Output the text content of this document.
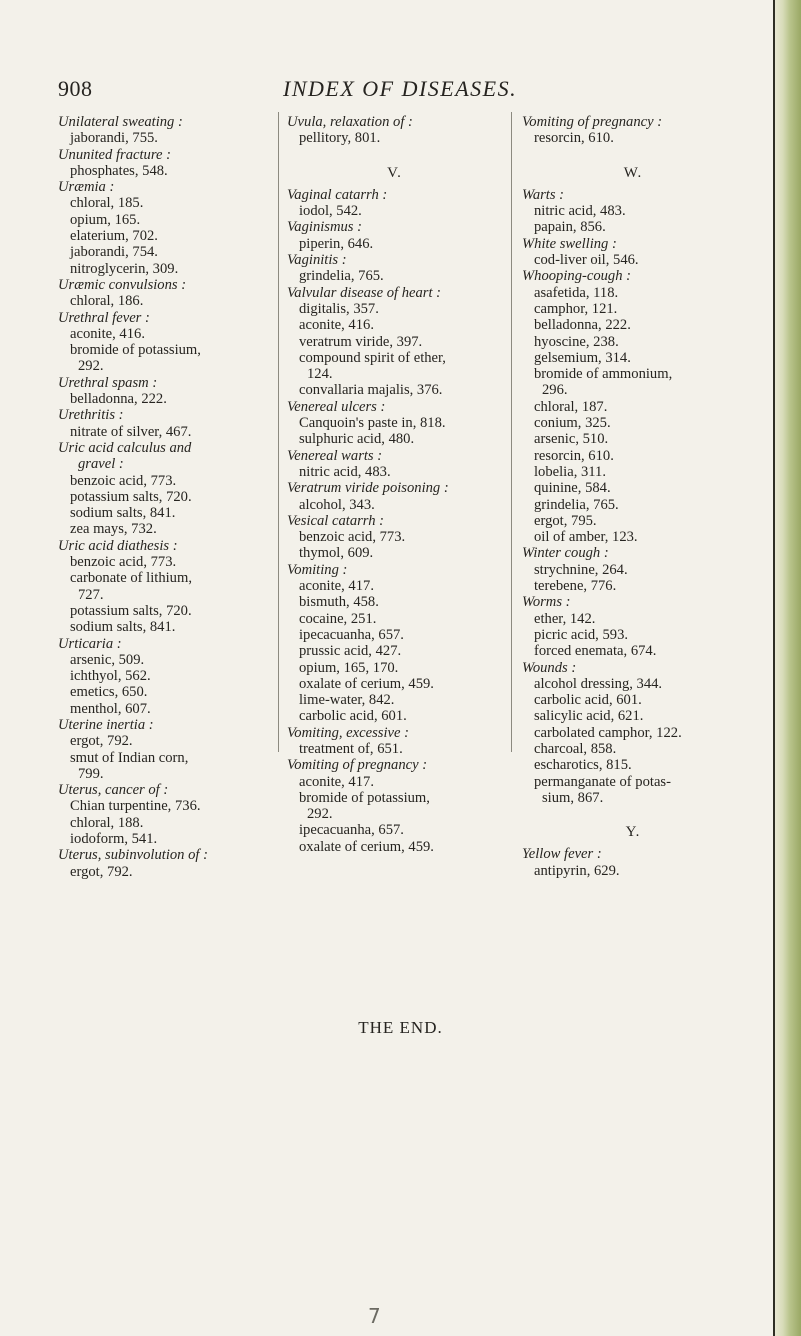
908	INDEX OF DISEASES.
Unilateral sweating :
jaborandi, 755.
Ununited fracture :
phosphates, 548.
Uræmia :
chloral, 185.
opium, 165.
elaterium, 702.
jaborandi, 754.
nitroglycerin, 309.
Uræmic convulsions :
chloral, 186.
Urethral fever :
aconite, 416.
bromide of potassium,
292.
Urethral spasm :
belladonna, 222.
Urethritis :
nitrate of silver, 467.
Uric acid calculus and
gravel :
benzoic acid, 773.
potassium salts, 720.
sodium salts, 841.
zea mays, 732.
Uric acid diathesis :
benzoic acid, 773.
carbonate of lithium,
727.
potassium salts, 720.
sodium salts, 841.
Urticaria :
arsenic, 509.
ichthyol, 562.
emetics, 650.
menthol, 607.
Uterine inertia :
ergot, 792.
smut of Indian corn,
799.
Uterus, cancer of :
Chian turpentine, 736.
chloral, 188.
iodoform, 541.
Uterus, subinvolution of :
ergot, 792.
Uvula, relaxation of :
pellitory, 801.
V.
Vaginal catarrh :
iodol, 542.
Vaginismus :
piperin, 646.
Vaginitis :
grindelia, 765.
Valvular disease of heart :
digitalis, 357.
aconite, 416.
veratrum viride, 397.
compound spirit of ether,
124.
convallaria majalis, 376.
Venereal ulcers :
Canquoin's paste in, 818.
sulphuric acid, 480.
Venereal warts :
nitric acid, 483.
Veratrum viride poisoning :
alcohol, 343.
Vesical catarrh :
benzoic acid, 773.
thymol, 609.
Vomiting :
aconite, 417.
bismuth, 458.
cocaine, 251.
ipecacuanha, 657.
prussic acid, 427.
opium, 165, 170.
oxalate of cerium, 459.
lime-water, 842.
carbolic acid, 601.
Vomiting, excessive :
treatment of, 651.
Vomiting of pregnancy :
aconite, 417.
bromide of potassium,
292.
ipecacuanha, 657.
oxalate of cerium, 459.
Vomiting of pregnancy :
resorcin, 610.
W.
Warts :
nitric acid, 483.
papain, 856.
White swelling :
cod-liver oil, 546.
Whooping-cough :
asafetida, 118.
camphor, 121.
belladonna, 222.
hyoscine, 238.
gelsemium, 314.
bromide of ammonium,
296.
chloral, 187.
conium, 325.
arsenic, 510.
resorcin, 610.
lobelia, 311.
quinine, 584.
grindelia, 765.
ergot, 795.
oil of amber, 123.
Winter cough :
strychnine, 264.
terebene, 776.
Worms :
ether, 142.
picric acid, 593.
forced enemata, 674.
Wounds :
alcohol dressing, 344.
carbolic acid, 601.
salicylic acid, 621.
carbolated camphor, 122.
charcoal, 858.
escharotics, 815.
permanganate of potas-
sium, 867.
Y.
Yellow fever :
antipyrin, 629.
THE END.
7
